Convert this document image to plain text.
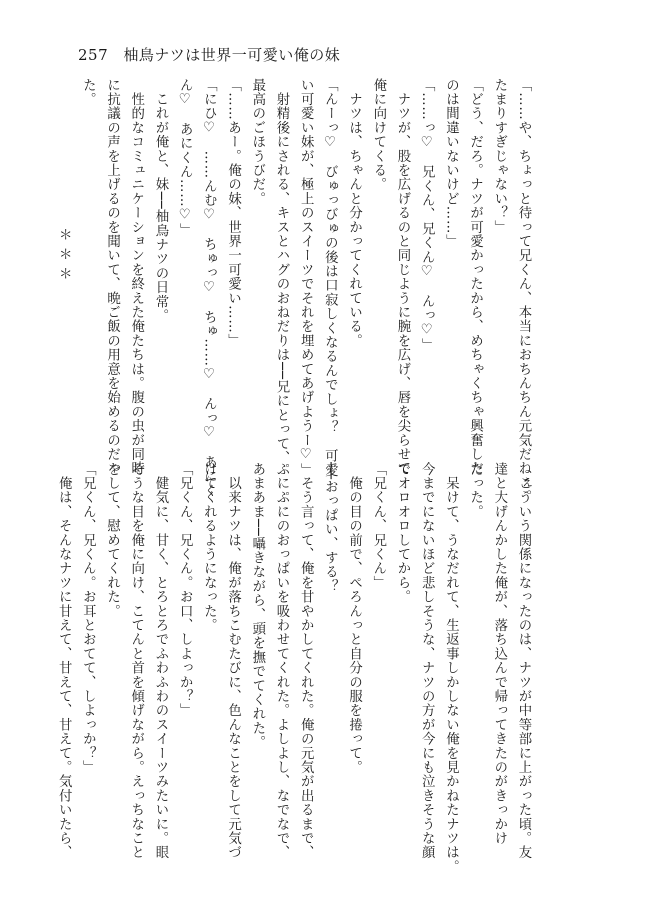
257 柚鳥ナツは世界一可愛い俺の妹
「……や、ちょっと待って兄くん、本当におちんちん元気だねぇ。
たまりすぎじゃない？」
「どう、だろ。ナツが可愛かったから、めちゃくちゃ興奮した
のは間違いないけど……」
「……っ♡　兄くん、兄くん♡　んっ♡」
　ナツが、股を広げるのと同じように腕を広げ、唇を尖らせて
俺に向けてくる。
　ナツは、ちゃんと分かってくれている。
「んーっ♡　びゅっびゅの後は口寂しくなるんでしょ？　可愛
い可愛い妹が、極上のスイーツでそれを埋めてあげようー♡」
　射精後にされる、キスとハグのおねだりは──兄にとって、
最高のごほうびだ。
「……あー。俺の妹、世界一可愛い……」
「にひ♡　……んむ♡　ちゅっ♡　ちゅ……♡　んっ♡　あにく
ん♡　あにくん……♡」
　これが俺と、妹──柚鳥ナツの日常。
　性的なコミュニケーションを終えた俺たちは。腹の虫が同時
に抗議の声を上げるのを聞いて、晩ご飯の用意を始めるのだっ
た。
＊＊＊
　こういう関係になったのは、ナツが中等部に上がった頃。友
達と大げんかした俺が、落ち込んで帰ってきたのがきっかけ
だった。
　呆けて、うなだれて、生返事しかしない俺を見かねたナツは。
今までにないほど悲しそうな、ナツの方が今にも泣きそうな顔
でオロオロしてから。
「兄くん、兄くん」
　俺の目の前で、ぺろんっと自分の服を捲って。
──おっぱい、する？
　そう言って、俺を甘やかしてくれた。俺の元気が出るまで、
ぷにぷにのおっぱいを吸わせてくれた。よしよし、なでなで、
あまあま──囁きながら、頭を撫でてくれた。
　以来ナツは、俺が落ちこむたびに、色んなことをして元気づ
けてくれるようになった。
「兄くん、兄くん。お口、しよっか？」
　健気に、甘く、とろとろでふわふわのスイーツみたいに。眼
そうな目を俺に向け、こてんと首を傾げながら。えっちなこと
をして、慰めてくれた。
「兄くん、兄くん。お耳とおてて、しよっか？」
　俺は、そんなナツに甘えて、甘えて、甘えて。気付いたら、
